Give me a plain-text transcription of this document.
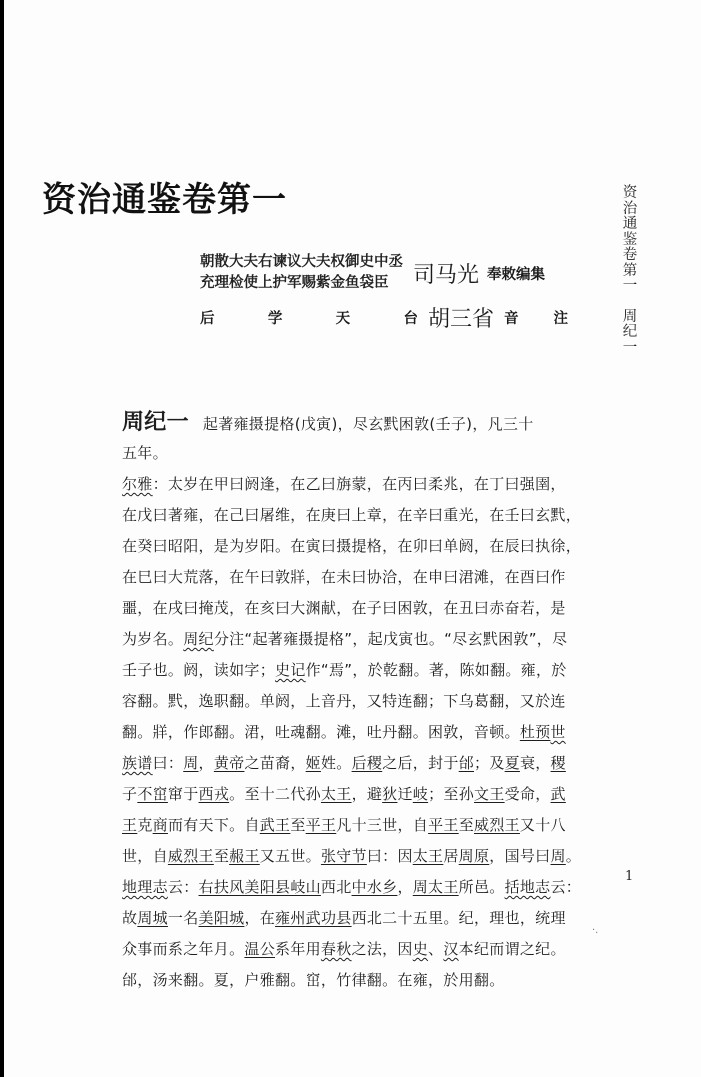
资治通鉴卷第一
朝散大夫右谏议大夫权御史中丞
充理检使上护军赐紫金鱼袋臣	司马光 奉敕编集
后	学	天	台 胡三省 音 注
资
治
通
鉴
卷
第
一
周
纪
一
1
周纪一 起著雍摄提格(戊寅)，尽玄黓困敦(壬子)，凡三十
五年。
尔雅：太岁在甲曰阏逢，在乙曰旃蒙，在丙曰柔兆，在丁曰强圉，
在戊曰著雍，在己曰屠维，在庚曰上章，在辛曰重光，在壬曰玄黓，
在癸曰昭阳，是为岁阳。在寅曰摄提格，在卯曰单阏，在辰曰执徐，
在巳曰大荒落，在午曰敦牂，在未曰协洽，在申曰涒滩，在酉曰作
噩，在戌曰掩茂，在亥曰大渊献，在子曰困敦，在丑曰赤奋若，是
为岁名。周纪分注“起著雍摄提格”，起戊寅也。“尽玄黓困敦”，尽
壬子也。阏，读如字；史记作“焉”，於乾翻。著，陈如翻。雍，於
容翻。黓，逸职翻。单阏，上音丹，又特连翻；下乌葛翻，又於连
翻。牂，作郎翻。涒，吐魂翻。滩，吐丹翻。困敦，音顿。杜预世
族谱曰：周，黄帝之苗裔，姬姓。后稷之后，封于邰；及夏衰，稷
子不窋窜于西戎。至十二代孙太王，避狄迁岐；至孙文王受命，武
王克商而有天下。自武王至平王凡十三世，自平王至威烈王又十八
世，自威烈王至赧王又五世。张守节曰：因太王居周原，国号曰周。
地理志云：右扶风美阳县岐山西北中水乡，周太王所邑。括地志云：
故周城一名美阳城，在雍州武功县西北二十五里。纪，理也，统理
众事而系之年月。温公系年用春秋之法，因史、汉本纪而谓之纪。
邰，汤来翻。夏，户雅翻。窋，竹律翻。在雍，於用翻。
·.
